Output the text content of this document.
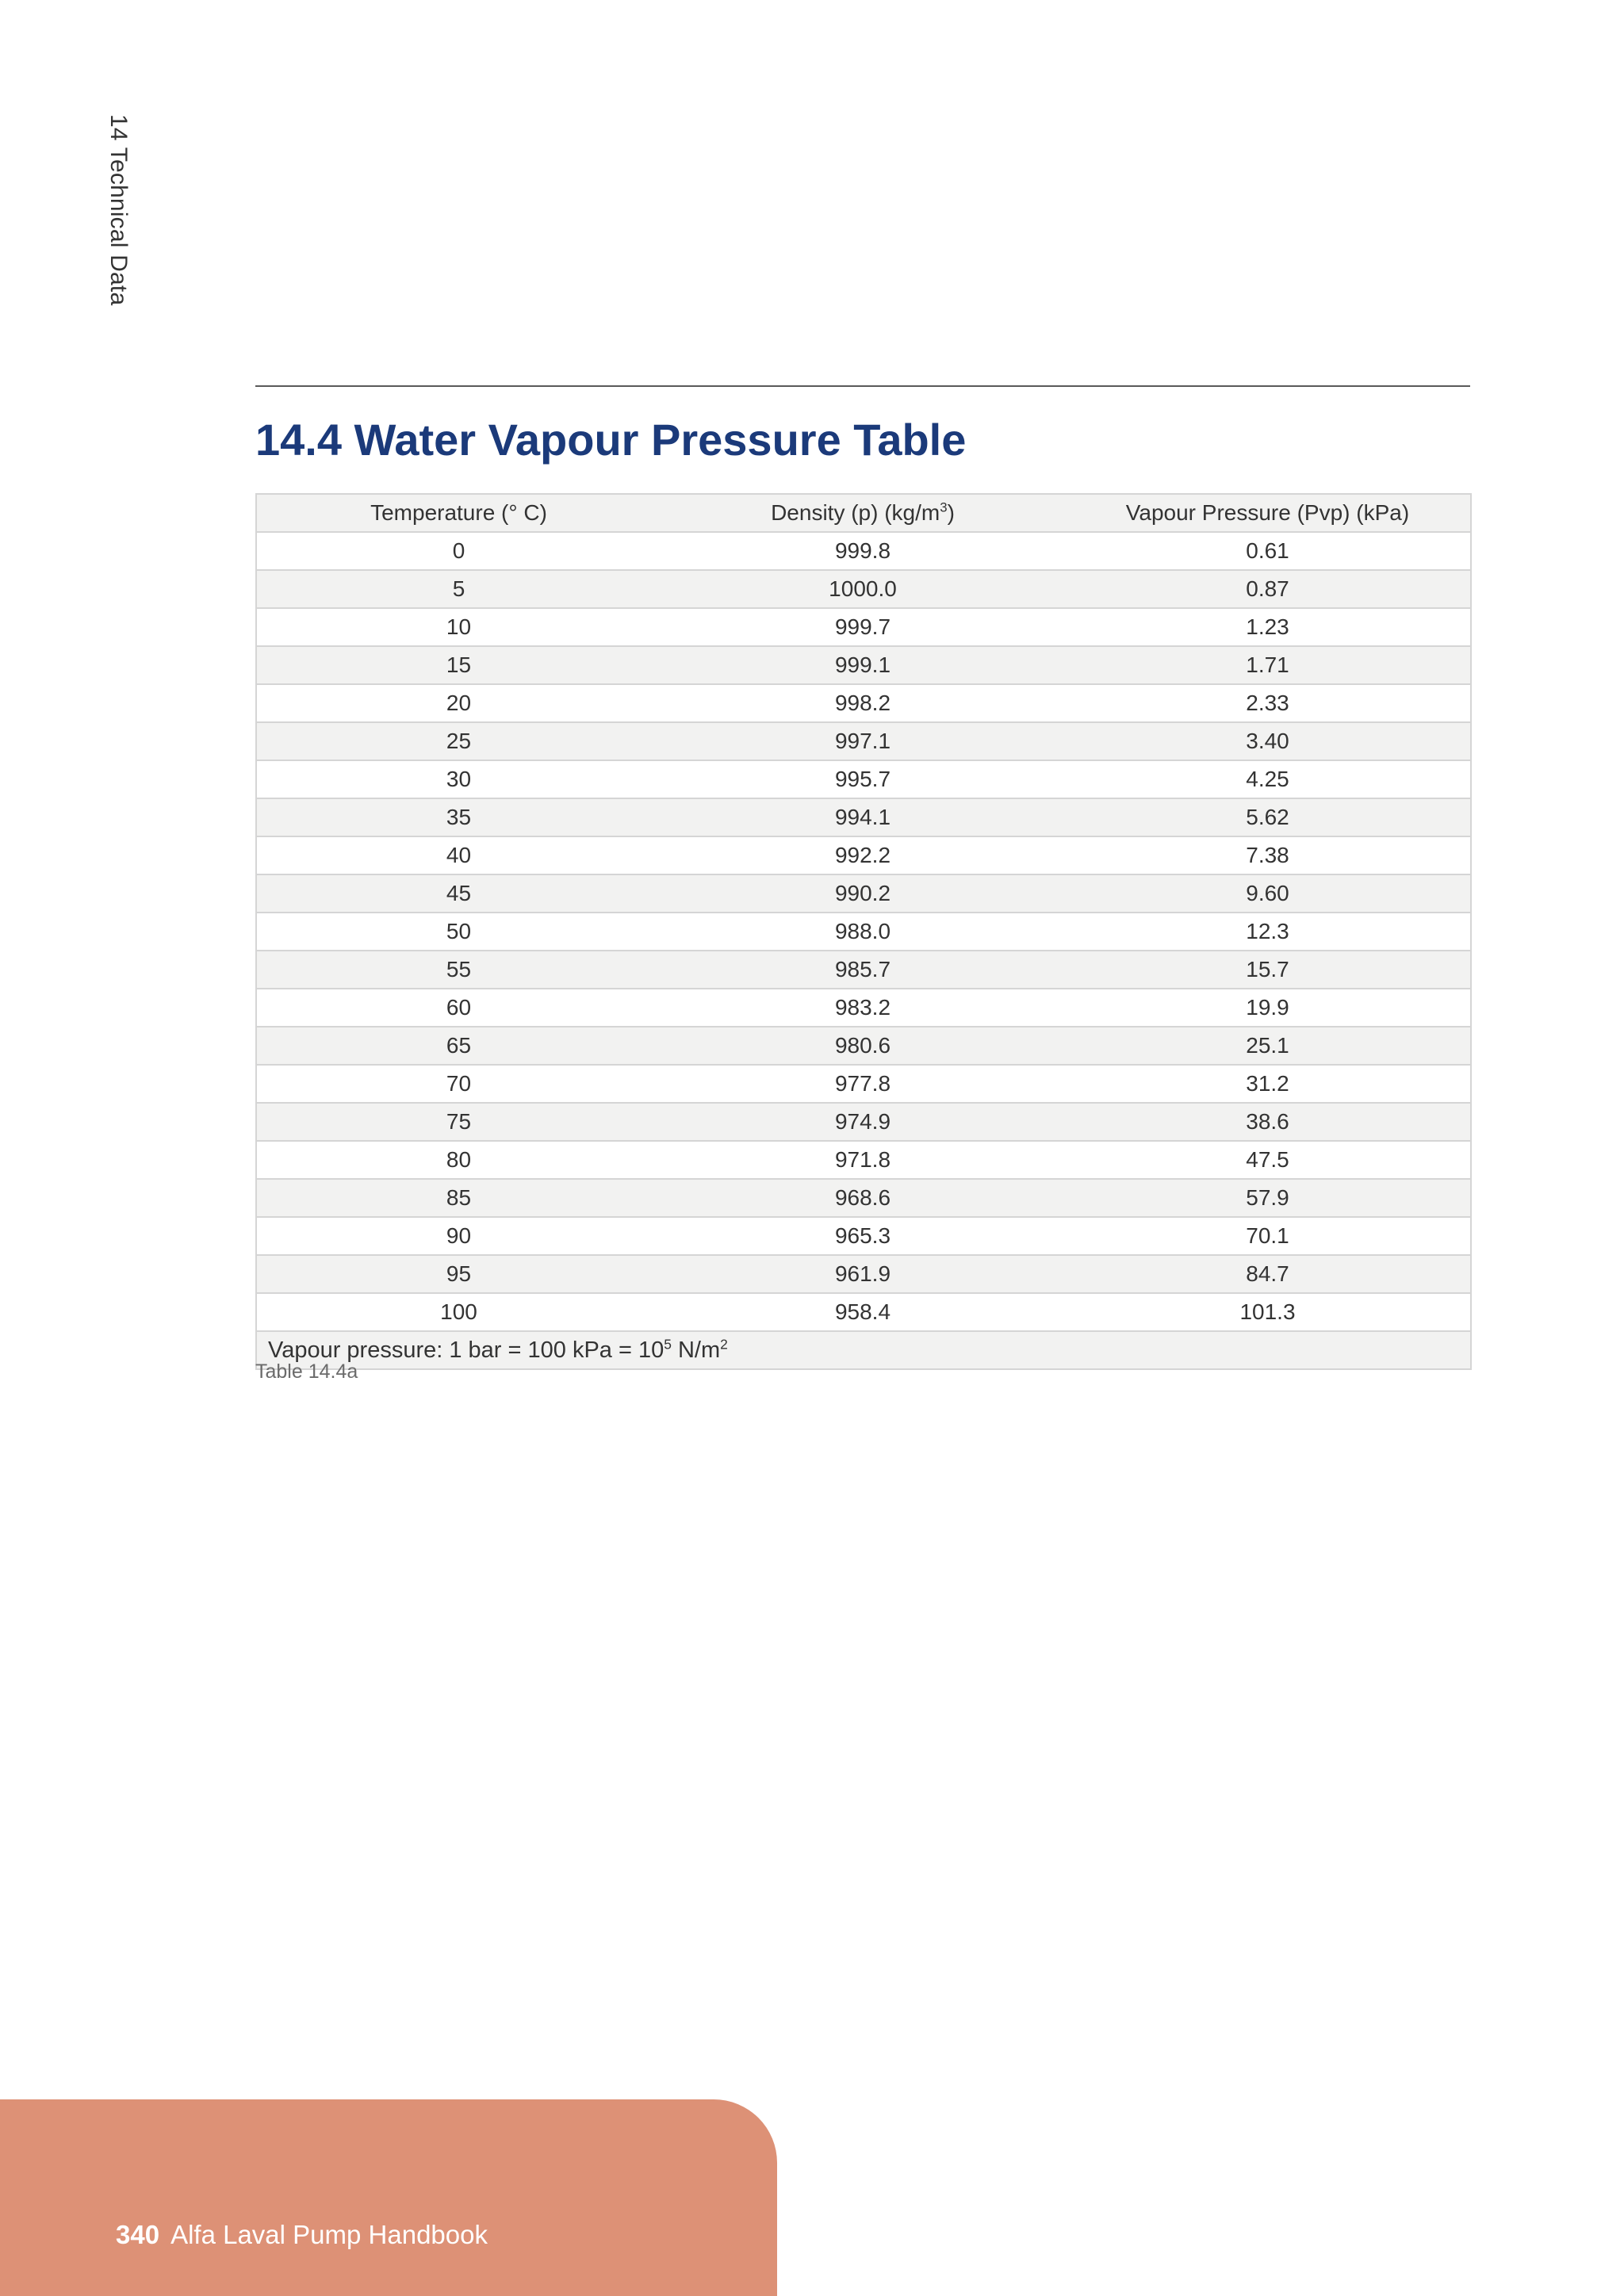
14 Technical Data
14.4 Water Vapour Pressure Table
Temperature (° C)	Density (p) $(kg/m^3)$	Vapour Pressure (Pvp) (kPa)
0	999.8	0.61
5	1000.0	0.87
10	999.7	1.23
15	999.1	1.71
20	998.2	2.33
25	997.1	3.40
30	995.7	4.25
35	994.1	5.62
40	992.2	7.38
45	990.2	9.60
50	988.0	12.3
55	985.7	15.7
60	983.2	19.9
65	980.6	25.1
70	977.8	31.2
75	974.9	38.6
80	971.8	47.5
85	968.6	57.9
90	965.3	70.1
95	961.9	84.7
100	958.4	101.3
Vapour pressure: 1 bar = 100 kPa = $10^5$ $N/m^2$
Table 14.4a
340 Alfa Laval Pump Handbook
